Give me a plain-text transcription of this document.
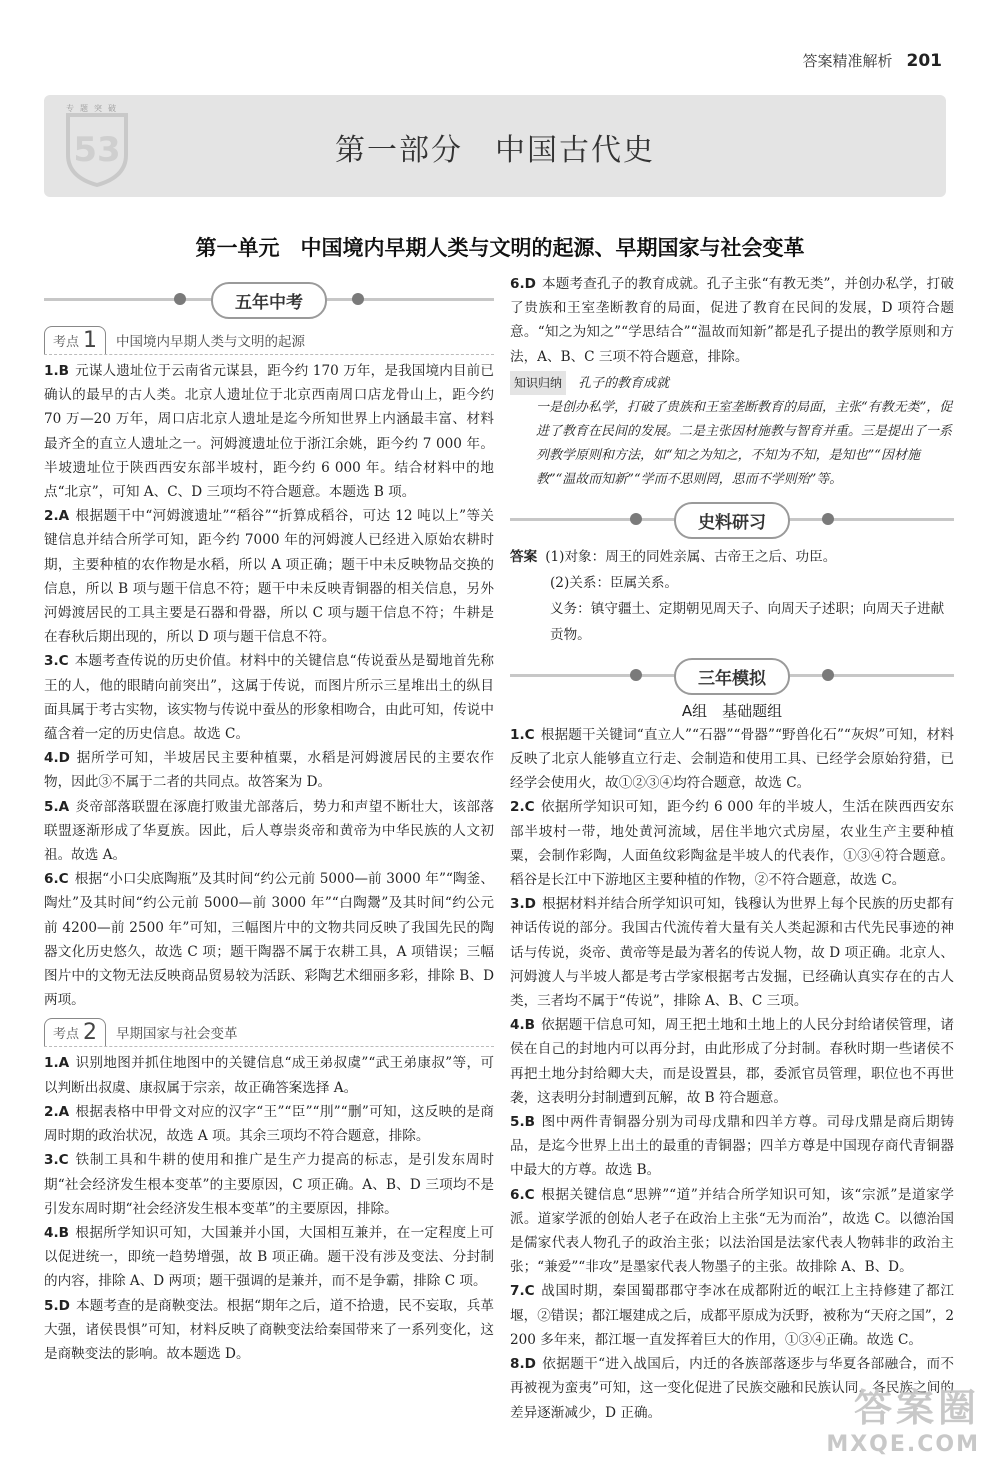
答案精准解析 201
专题突破
53	第一部分　中国古代史
第一单元　中国境内早期人类与文明的起源、早期国家与社会变革
五年中考
考点 1 中国境内早期人类与文明的起源
1.B 元谋人遗址位于云南省元谋县，距今约 170 万年，是我国境内目前已确认的最早的古人类。北京人遗址位于北京西南周口店龙骨山上，距今约 70 万—20 万年，周口店北京人遗址是迄今所知世界上内涵最丰富、材料最齐全的直立人遗址之一。河姆渡遗址位于浙江余姚，距今约 7 000 年。半坡遗址位于陕西西安东部半坡村，距今约 6 000 年。结合材料中的地点“北京”，可知 A、C、D 三项均不符合题意。本题选 B 项。
2.A 根据题干中“河姆渡遗址”“稻谷”“折算成稻谷，可达 12 吨以上”等关键信息并结合所学可知，距今约 7000 年的河姆渡人已经进入原始农耕时期，主要种植的农作物是水稻，所以 A 项正确；题干中未反映物品交换的信息，所以 B 项与题干信息不符；题干中未反映青铜器的相关信息，另外河姆渡居民的工具主要是石器和骨器，所以 C 项与题干信息不符；牛耕是在春秋后期出现的，所以 D 项与题干信息不符。
3.C 本题考查传说的历史价值。材料中的关键信息“传说蚕丛是蜀地首先称王的人，他的眼睛向前突出”，这属于传说，而图片所示三星堆出土的纵目面具属于考古实物，该实物与传说中蚕丛的形象相吻合，由此可知，传说中蕴含着一定的历史信息。故选 C。
4.D 据所学可知，半坡居民主要种植粟，水稻是河姆渡居民的主要农作物，因此③不属于二者的共同点。故答案为 D。
5.A 炎帝部落联盟在涿鹿打败蚩尤部落后，势力和声望不断壮大，该部落联盟逐渐形成了华夏族。因此，后人尊崇炎帝和黄帝为中华民族的人文初祖。故选 A。
6.C 根据“小口尖底陶瓶”及其时间“约公元前 5000—前 3000 年”“陶釜、陶灶”及其时间“约公元前 5000—前 3000 年”“白陶鬶”及其时间“约公元前 4200—前 2500 年”可知，三幅图片中的文物共同反映了我国先民的陶器文化历史悠久，故选 C 项；题干陶器不属于农耕工具，A 项错误；三幅图片中的文物无法反映商品贸易较为活跃、彩陶艺术细丽多彩，排除 B、D 两项。
考点 2 早期国家与社会变革
1.A 识别地图并抓住地图中的关键信息“成王弟叔虞”“武王弟康叔”等，可以判断出叔虞、康叔属于宗亲，故正确答案选择 A。
2.A 根据表格中甲骨文对应的汉字“王”“臣”“刖”“删”可知，这反映的是商周时期的政治状况，故选 A 项。其余三项均不符合题意，排除。
3.C 铁制工具和牛耕的使用和推广是生产力提高的标志，是引发东周时期“社会经济发生根本变革”的主要原因，C 项正确。A、B、D 三项均不是引发东周时期“社会经济发生根本变革”的主要原因，排除。
4.B 根据所学知识可知，大国兼并小国，大国相互兼并，在一定程度上可以促进统一，即统一趋势增强，故 B 项正确。题干没有涉及变法、分封制的内容，排除 A、D 两项；题干强调的是兼并，而不是争霸，排除 C 项。
5.D 本题考查的是商鞅变法。根据“期年之后，道不拾遗，民不妄取，兵革大强，诸侯畏惧”可知，材料反映了商鞅变法给秦国带来了一系列变化，这是商鞅变法的影响。故本题选 D。
6.D 本题考查孔子的教育成就。孔子主张“有教无类”，并创办私学，打破了贵族和王室垄断教育的局面，促进了教育在民间的发展，D 项符合题意。“知之为知之”“学思结合”“温故而知新”都是孔子提出的教学原则和方法，A、B、C 三项不符合题意，排除。
知识归纳 孔子的教育成就
一是创办私学，打破了贵族和王室垄断教育的局面，主张“有教无类”，促进了教育在民间的发展。二是主张因材施教与智育并重。三是提出了一系列教学原则和方法，如“知之为知之，不知为不知，是知也”“因材施教”“温故而知新”“学而不思则罔，思而不学则殆”等。
史料研习
答案 (1)对象：周王的同姓亲属、古帝王之后、功臣。
(2)关系：臣属关系。
义务：镇守疆土、定期朝见周天子、向周天子述职；向周天子进献贡物。
三年模拟
A组　基础题组
1.C 根据题干关键词“直立人”“石器”“骨器”“野兽化石”“灰烬”可知，材料反映了北京人能够直立行走、会制造和使用工具、已经学会原始狩猎，已经学会使用火，故①②③④均符合题意，故选 C。
2.C 依据所学知识可知，距今约 6 000 年的半坡人，生活在陕西西安东部半坡村一带，地处黄河流域，居住半地穴式房屋，农业生产主要种植粟，会制作彩陶，人面鱼纹彩陶盆是半坡人的代表作，①③④符合题意。稻谷是长江中下游地区主要种植的作物，②不符合题意，故选 C。
3.D 根据材料并结合所学知识可知，钱穆认为世界上每个民族的历史都有神话传说的部分。我国古代流传着大量有关人类起源和古代先民事迹的神话与传说，炎帝、黄帝等是最为著名的传说人物，故 D 项正确。北京人、河姆渡人与半坡人都是考古学家根据考古发掘，已经确认真实存在的古人类，三者均不属于“传说”，排除 A、B、C 三项。
4.B 依据题干信息可知，周王把土地和土地上的人民分封给诸侯管理，诸侯在自己的封地内可以再分封，由此形成了分封制。春秋时期一些诸侯不再把土地分封给卿大夫，而是设置县，郡，委派官员管理，职位也不再世袭，这表明分封制遭到瓦解，故 B 符合题意。
5.B 图中两件青铜器分别为司母戊鼎和四羊方尊。司母戊鼎是商后期铸品，是迄今世界上出土的最重的青铜器；四羊方尊是中国现存商代青铜器中最大的方尊。故选 B。
6.C 根据关键信息“思辨”“道”并结合所学知识可知，该“宗派”是道家学派。道家学派的创始人老子在政治上主张“无为而治”，故选 C。以德治国是儒家代表人物孔子的政治主张；以法治国是法家代表人物韩非的政治主张；“兼爱”“非攻”是墨家代表人物墨子的主张。故排除 A、B、D。
7.C 战国时期，秦国蜀郡郡守李冰在成都附近的岷江上主持修建了都江堰，②错误；都江堰建成之后，成都平原成为沃野，被称为“天府之国”，2 200 多年来，都江堰一直发挥着巨大的作用，①③④正确。故选 C。
8.D 依据题干“进入战国后，内迁的各族部落逐步与华夏各部融合，而不再被视为蛮夷”可知，这一变化促进了民族交融和民族认同，各民族之间的差异逐渐减少，D 正确。	答案圈
MXQE.COM
